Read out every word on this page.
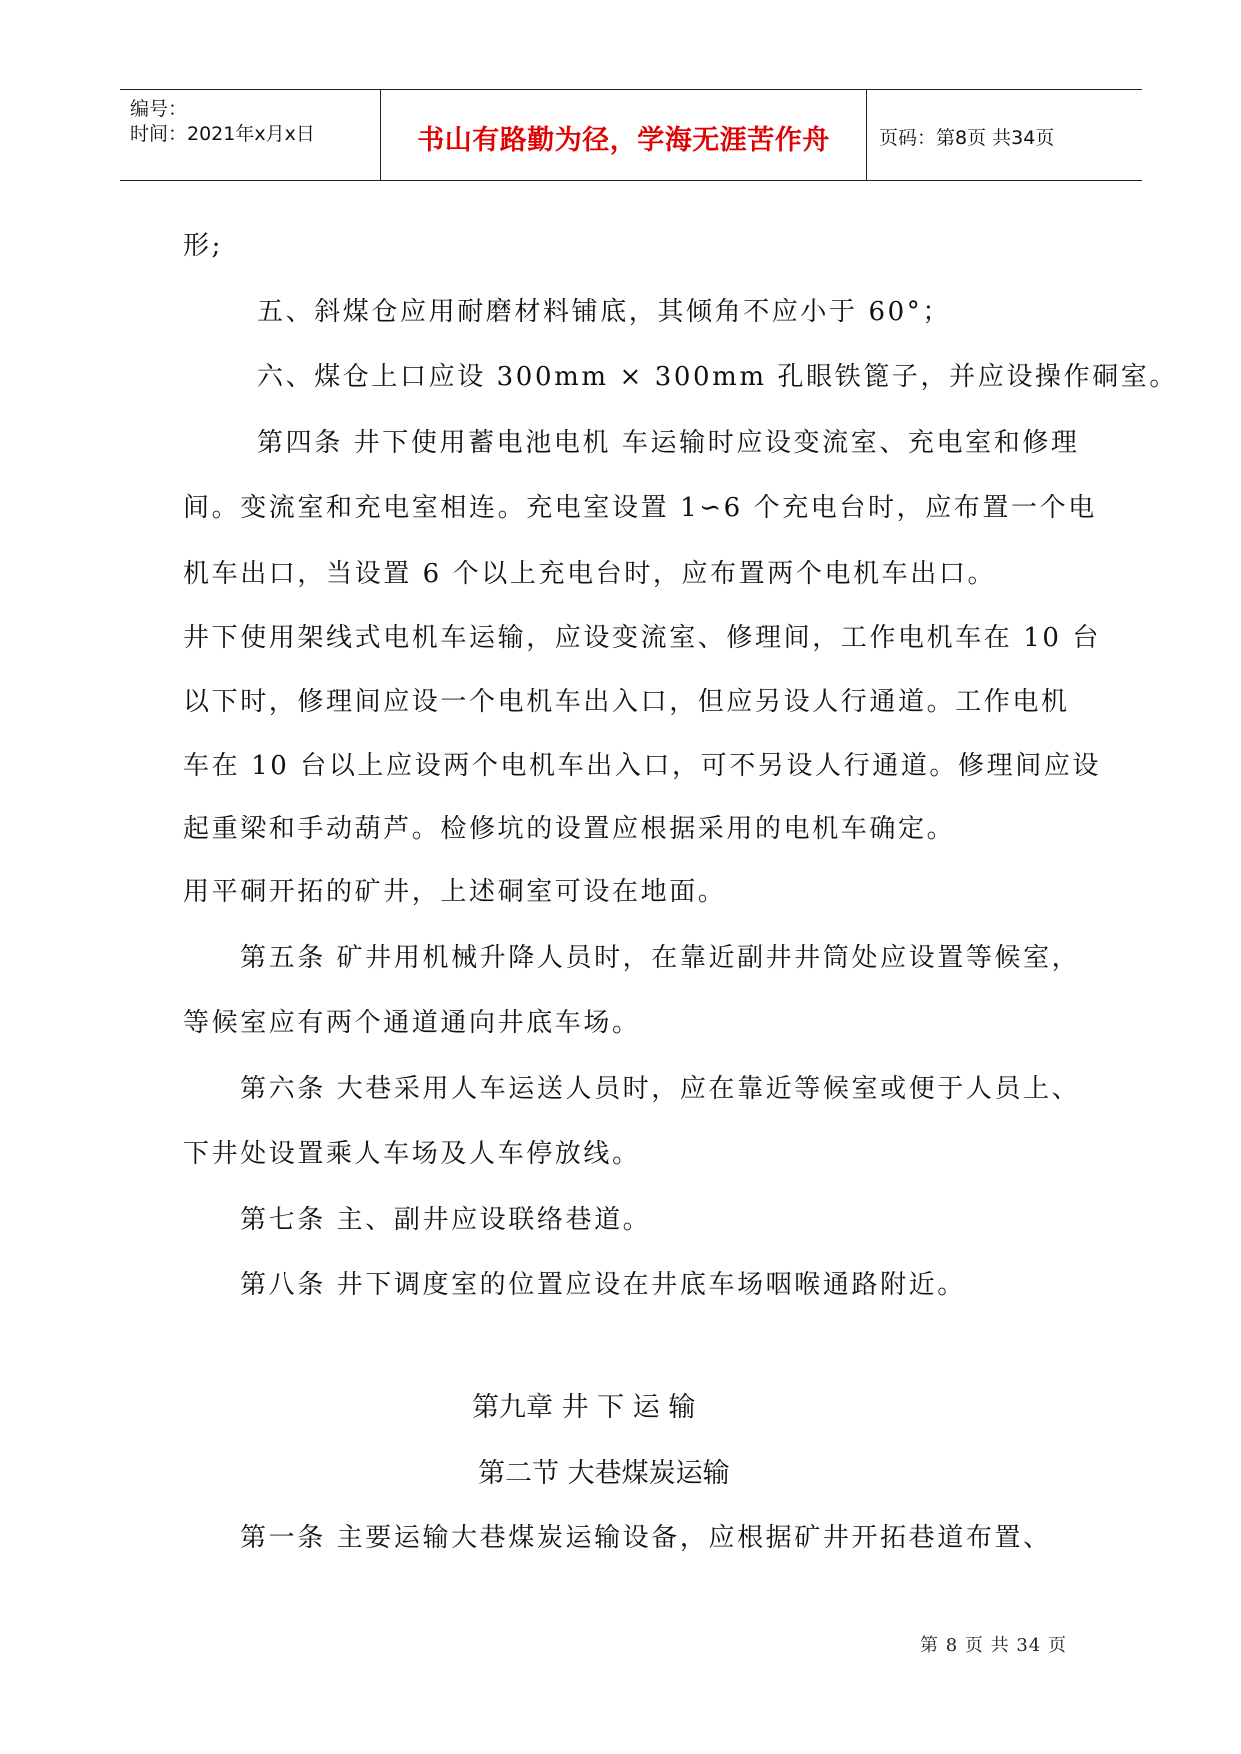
编号：
时间：2021年x月x日	书山有路勤为径，学海无涯苦作舟	页码：第8页 共34页
形;
五、斜煤仓应用耐磨材料铺底，其倾角不应小于 60°；
六、煤仓上口应设 300mm × 300mm 孔眼铁篦子，并应设操作硐室。
第四条 井下使用蓄电池电机 车运输时应设变流室、充电室和修理
间。变流室和充电室相连。充电室设置 1∽6 个充电台时，应布置一个电
机车出口，当设置 6 个以上充电台时，应布置两个电机车出口。
井下使用架线式电机车运输，应设变流室、修理间，工作电机车在 10 台
以下时，修理间应设一个电机车出入口，但应另设人行通道。工作电机
车在 10 台以上应设两个电机车出入口，可不另设人行通道。修理间应设
起重梁和手动葫芦。检修坑的设置应根据采用的电机车确定。
用平硐开拓的矿井，上述硐室可设在地面。
第五条 矿井用机械升降人员时，在靠近副井井筒处应设置等候室，
等候室应有两个通道通向井底车场。
第六条 大巷采用人车运送人员时，应在靠近等候室或便于人员上、
下井处设置乘人车场及人车停放线。
第七条 主、副井应设联络巷道。
第八条 井下调度室的位置应设在井底车场咽喉通路附近。
第九章 井 下 运 输
第二节 大巷煤炭运输
第一条 主要运输大巷煤炭运输设备，应根据矿井开拓巷道布置、
第 8 页 共 34 页
